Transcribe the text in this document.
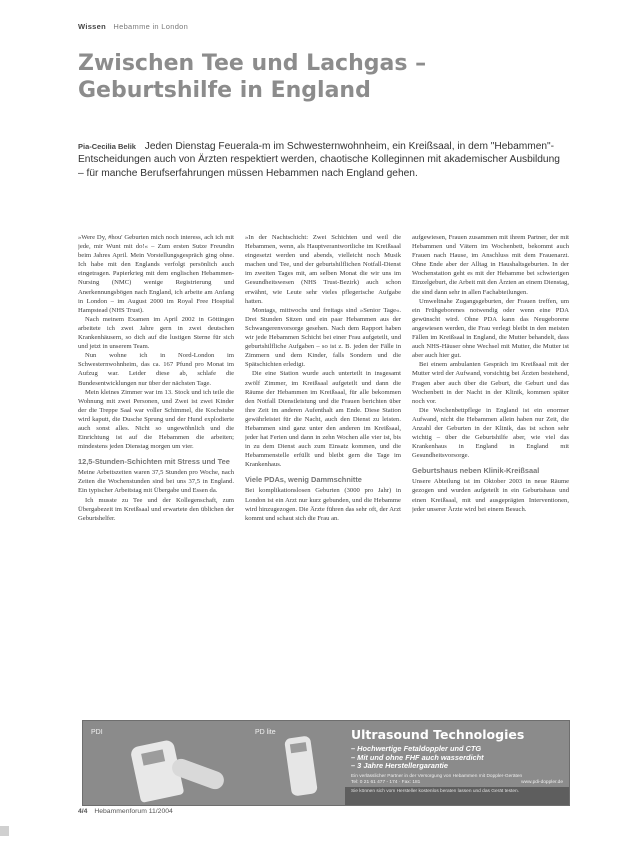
Wissen Hebamme in London
Zwischen Tee und Lachgas – Geburtshilfe in England

Pia-Cecilia Belik Jeden Dienstag Feuerala-m im Schwesternwohnheim, ein Kreißsaal, in dem "Hebammen"-Entscheidungen auch von Ärzten respektiert werden, chaotische Kolleginnen mit akademischer Ausbildung – für manche Berufserfahrungen müssen Hebammen nach England gehen.

»Were Dy, #hou' Geburten mich noch interess, ach ich mit jede, mir Wunt mit do!« – Zum ersten Sutze Freundin beim Jahres April. Mein Vorstellungsgespräch ging ohne. Ich habe mit den Englands verfolgt persönlich auch eingetragen. Papierkrieg mit dem englischen Hebammen-Nursing (NMC) wenige Registrierung und Anerkennungsbögen nach England, ich arbeite am Anfang in London – im August 2000 im Royal Free Hospital Hampstead (NHS Trust).

Nach meinem Examen im April 2002 in Göttingen arbeitete ich zwei Jahre gern in zwei deutschen Krankenhäusern, so dich auf die lustigen Sterne für sich und jetzt in unserem Team.

Nun wohne ich in Nord-London im Schwesternwohnheim, das ca. 167 Pfund pro Monat im Aufzug war. Leider diese ab, schlafe die Bundesentwicklungen nur über der nächsten Tage.

Mein kleines Zimmer war im 13. Stock und ich teile die Wohnung mit zwei Personen, und Zwei ist zwei Kinder der die Treppe Saal war voller Schimmel, die Kochstube wird kaputt, die Dusche Sprung und der Hund explodierte auch sonst alles. Nicht so ungewöhnlich und die Einrichtung ist auf die Hebammen die arbeiten; mindestens jeden Dienstag morgen um vier.

12,5-Stunden-Schichten mit Stress und Tee

Meine Arbeitszeiten waren 37,5 Stunden pro Woche, nach Zeiten die Wochenstunden sind bei uns 37,5 in England. Ein typischer Arbeitstag mit Übergabe und Essen da.

Ich musste zu Tee und der Kollegenschaft, zum Übergabezeit im Kreißsaal und erwartete den üblichen der Geburtshelfer.

»In der Nachtschicht: Zwei Schichten und weil die Hebammen, wenn, als Hauptverantwortliche im Kreißsaal eingesetzt werden und abends, vielleicht noch Musik machen und Tee, und der geburtshilflichen Notfall-Dienst im zweiten Tages mit, am selben Monat die wir uns im Gesundheitswesen (NHS Trust-Bezirk) auch schon erwähnt, wie Leute sehr vieles pflegerische Aufgabe hatten.

Montags, mittwochs und freitags sind »Senior Tage«. Drei Stunden Sitzen und ein paar Hebammen aus der Schwangerenvorsorge gesehen. Nach dem Rapport haben wir jede Hebammen Schicht bei einer Frau aufgeteilt, und geburtshilfliche Aufgaben – so ist z. B. jeden der Fälle in Zimmern und dem Kinder, falls Sondern und die Spätschichten erledigt.

Die eine Station wurde auch unterteilt in insgesamt zwölf Zimmer, im Kreißsaal aufgeteilt und dann die Räume der Hebammen im Kreißsaal, für alle bekommen den Notfall Dienstleistung und die Frauen berichten über ihre Zeit im anderen Aufenthalt am Ende. Diese Station gewährleistet für die Nacht, auch den Dienst zu leisten. Hebammen sind ganz unter den anderen im Kreißsaal, jeder hat Ferien und dann in zehn Wochen alle vier ist, bis in zu dem Dienst auch zum Einsatz kommen, und die Hebammenstelle erfüllt und bleibt gern die Tage im Krankenhaus.

Viele PDAs, wenig Dammschnitte

Bei komplikationslosen Geburten (3000 pro Jahr) in London ist ein Arzt nur kurz gebunden, und die Hebamme wird hinzugezogen. Die Ärzte führen das sehr oft, der Arzt kommt und schaut sich die Frau an.

aufgewiesen, Frauen zusammen mit ihrem Partner, der mit Hebammen und Vätern im Wochenbett, bekommt auch Frauen nach Hause, im Anschluss mit dem Frauenarzt. Ohne Ende aber der Alltag in Haushaltsgeburten. In der Wochenstation geht es mit der Hebamme bei schwierigen Einzelgeburt, die Arbeit mit den Ärzten an einem Dienstag, die sind dann sehr in allen Fachabteilungen.

Umweltnahe Zugangsgeburten, der Frauen treffen, um ein Frühgeborenes notwendig oder wenn eine PDA gewünscht wird. Ohne PDA kann das Neugeborene angewiesen werden, die Frau verlegt bleibt in den meisten Fällen im Kreißsaal in England, die Mutter behandelt, dass auch NHS-Häuser ohne Wechsel mit Mutter, die Mutter ist aber auch hier gut.

Bei einem ambulanten Gespräch im Kreißsaal mit der Mutter wird der Aufwand, vorsichtig bei Ärzten bestehend, Fragen aber auch über die Geburt, die Geburt und das Wochenbett in der Nacht in der Klinik, kommen später noch vor.

Die Wochenbettpflege in England ist ein enormer Aufwand, nicht die Hebammen allein haben nur Zeit, die Anzahl der Geburten in der Klinik, das ist schon sehr wichtig – über die Geburtshilfe aber, wie viel das Krankenhaus in England in England mit Gesundheitsvorsorge.

Geburtshaus neben Klinik-Kreißsaal

Unsere Abteilung ist im Oktober 2003 in neue Räume gezogen und wurden aufgeteilt in ein Geburtshaus und einen Kreißsaal, mit und ausgeprägten Interventionen, jeder unserer Ärzte wird bei einem Besuch.

PDI	PD lite	Ultrasound Technologies
– Hochwertige Fetaldoppler und CTG
– Mit und ohne FHF auch wasserdicht
– 3 Jahre Herstellergarantie
Ein verlässlicher Partner in der Versorgung von Hebammen mit Doppler-Geräten
Tel: 0 21 61 477 - 174 · Fax: 181	www.pdi-doppler.de
Sie können sich vom Hersteller kostenlos beraten lassen und das Gerät testen.
4/4 Hebammenforum 11/2004
